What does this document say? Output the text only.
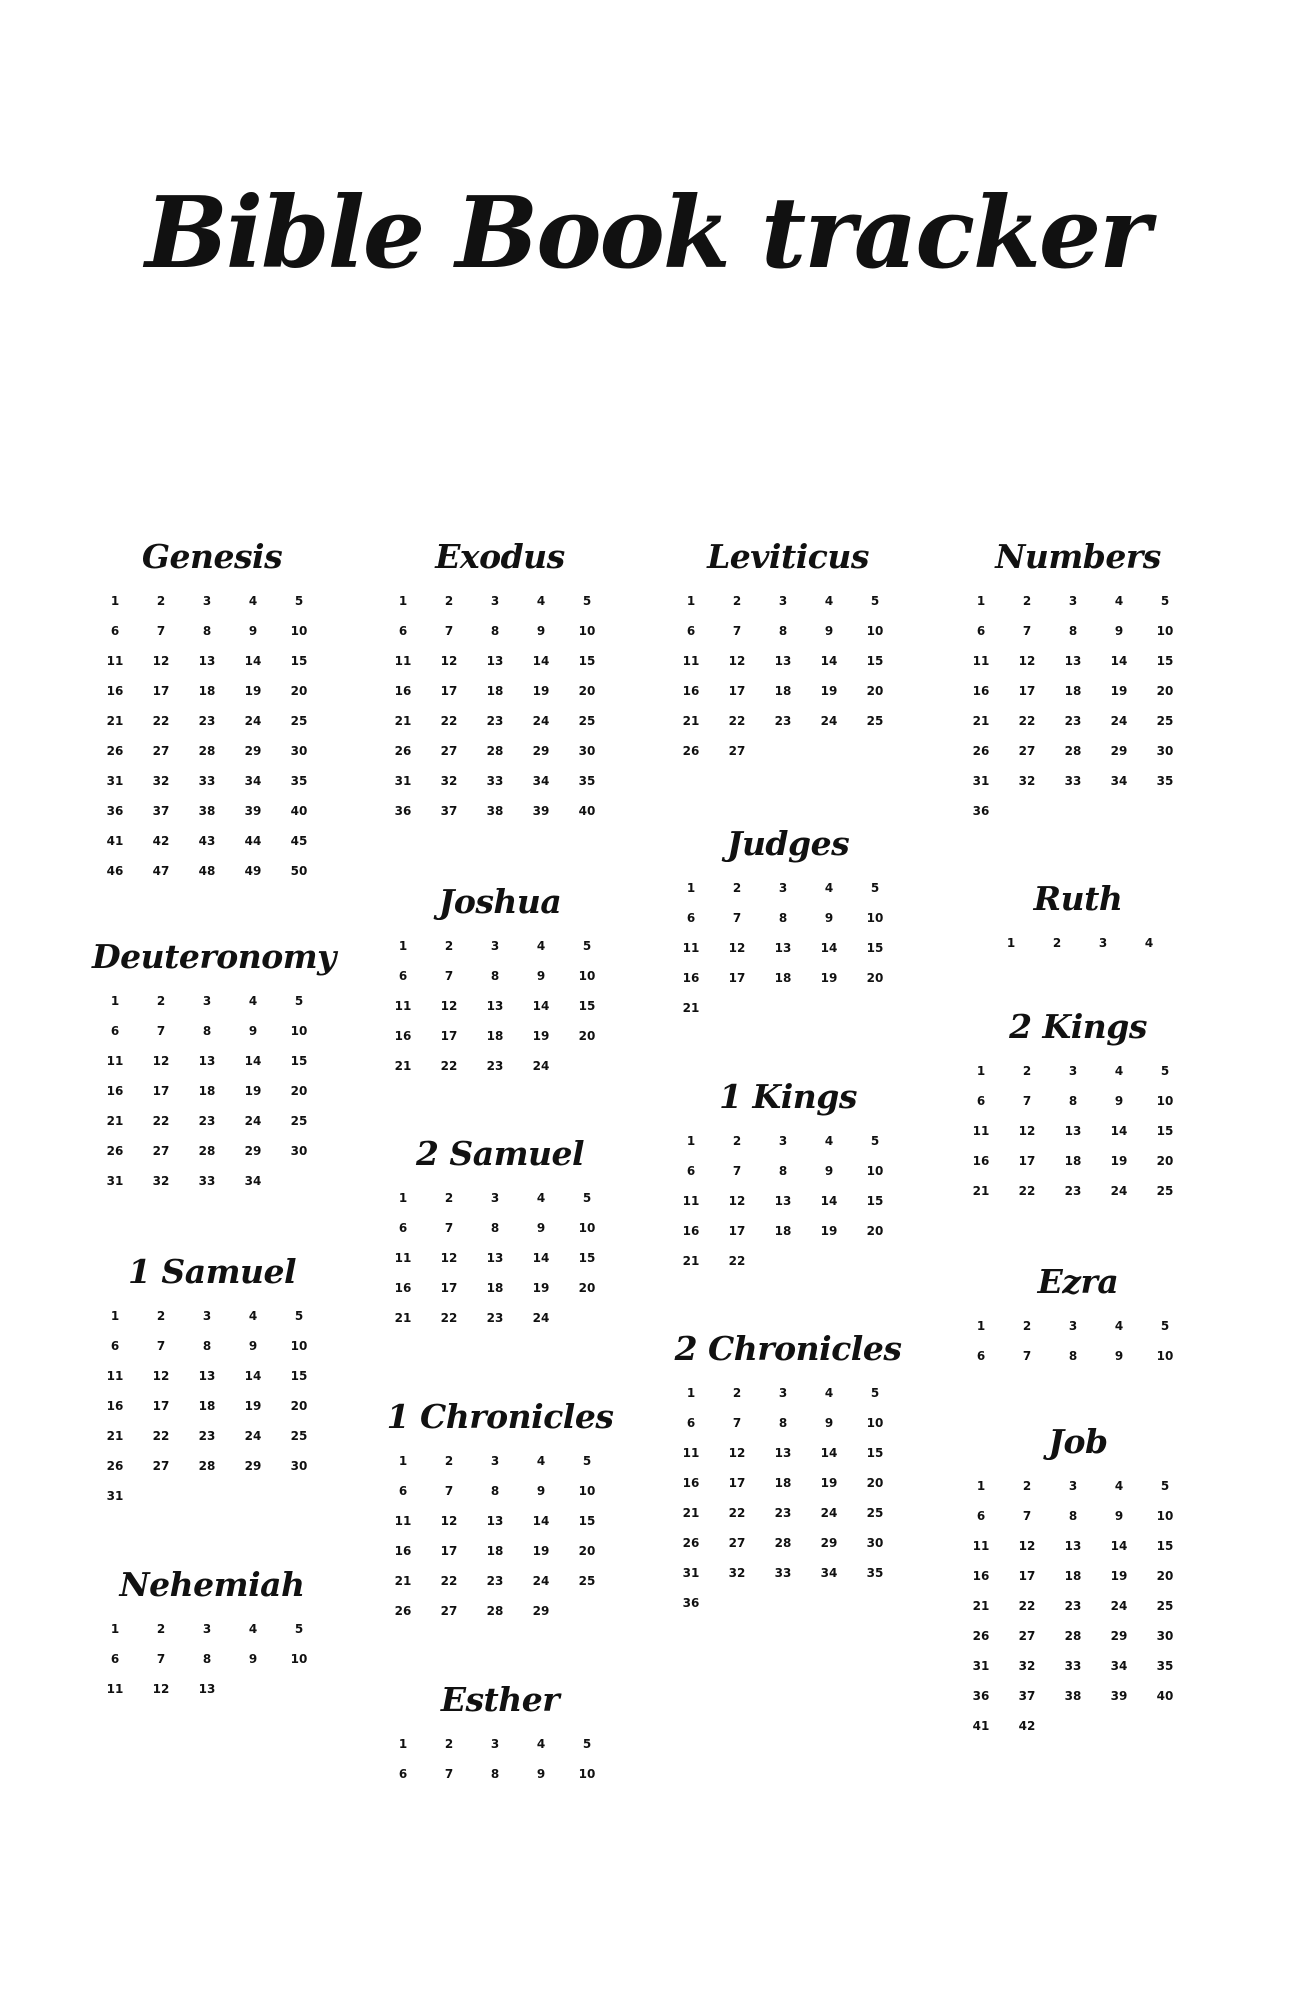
Bible Book tracker
Genesis
1	2	3	4	5
6	7	8	9	10
11	12	13	14	15
16	17	18	19	20
21	22	23	24	25
26	27	28	29	30
31	32	33	34	35
36	37	38	39	40
41	42	43	44	45
46	47	48	49	50
Deuteronomy
1	2	3	4	5
6	7	8	9	10
11	12	13	14	15
16	17	18	19	20
21	22	23	24	25
26	27	28	29	30
31	32	33	34
1 Samuel
1	2	3	4	5
6	7	8	9	10
11	12	13	14	15
16	17	18	19	20
21	22	23	24	25
26	27	28	29	30
31
Nehemiah
1	2	3	4	5
6	7	8	9	10
11	12	13
Exodus
1	2	3	4	5
6	7	8	9	10
11	12	13	14	15
16	17	18	19	20
21	22	23	24	25
26	27	28	29	30
31	32	33	34	35
36	37	38	39	40
Joshua
1	2	3	4	5
6	7	8	9	10
11	12	13	14	15
16	17	18	19	20
21	22	23	24
2 Samuel
1	2	3	4	5
6	7	8	9	10
11	12	13	14	15
16	17	18	19	20
21	22	23	24
1 Chronicles
1	2	3	4	5
6	7	8	9	10
11	12	13	14	15
16	17	18	19	20
21	22	23	24	25
26	27	28	29
Esther
1	2	3	4	5
6	7	8	9	10
Leviticus
1	2	3	4	5
6	7	8	9	10
11	12	13	14	15
16	17	18	19	20
21	22	23	24	25
26	27
Judges
1	2	3	4	5
6	7	8	9	10
11	12	13	14	15
16	17	18	19	20
21
1 Kings
1	2	3	4	5
6	7	8	9	10
11	12	13	14	15
16	17	18	19	20
21	22
2 Chronicles
1	2	3	4	5
6	7	8	9	10
11	12	13	14	15
16	17	18	19	20
21	22	23	24	25
26	27	28	29	30
31	32	33	34	35
36
Numbers
1	2	3	4	5
6	7	8	9	10
11	12	13	14	15
16	17	18	19	20
21	22	23	24	25
26	27	28	29	30
31	32	33	34	35
36
Ruth
1	2	3	4
2 Kings
1	2	3	4	5
6	7	8	9	10
11	12	13	14	15
16	17	18	19	20
21	22	23	24	25
Ezra
1	2	3	4	5
6	7	8	9	10
Job
1	2	3	4	5
6	7	8	9	10
11	12	13	14	15
16	17	18	19	20
21	22	23	24	25
26	27	28	29	30
31	32	33	34	35
36	37	38	39	40
41	42
